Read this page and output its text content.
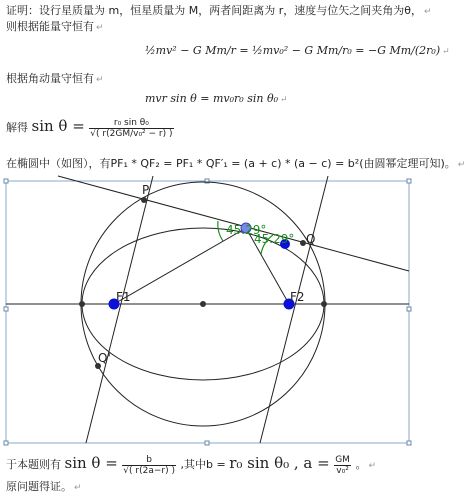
证明：设行星质量为 m，恒星质量为 M，两者间距离为 r，速度与位矢之间夹角为θ， ↵
则根据能量守恒有 ↵
½mv² − G Mm/r = ½mv₀² − G Mm/r₀ = −G Mm/(2r₀) ↵
根据角动量守恒有 ↵
mvr sin θ = mv₀r₀ sin θ₀ ↵
解得 $\sin \theta = \frac{\text{r₀ sin θ₀}}{\text{√( r(2GM/v₀² − r) )}}$
在椭圆中（如图），有PF₁ * QF₂ = PF₁ * QF′₁ = (a + c) * (a − c) = b²(由圆幂定理可知)。 ↵
P
Q
F1	F2
Q'
45.29°
45.29°
于本题则有 $\sin \theta = \frac{b}{√( r(2a-r) )}$ ,其中b = r₀ sin θ₀ , $a = \frac{GM}{\text{v₀²}}$ 。 ↵
原问题得证。 ↵
